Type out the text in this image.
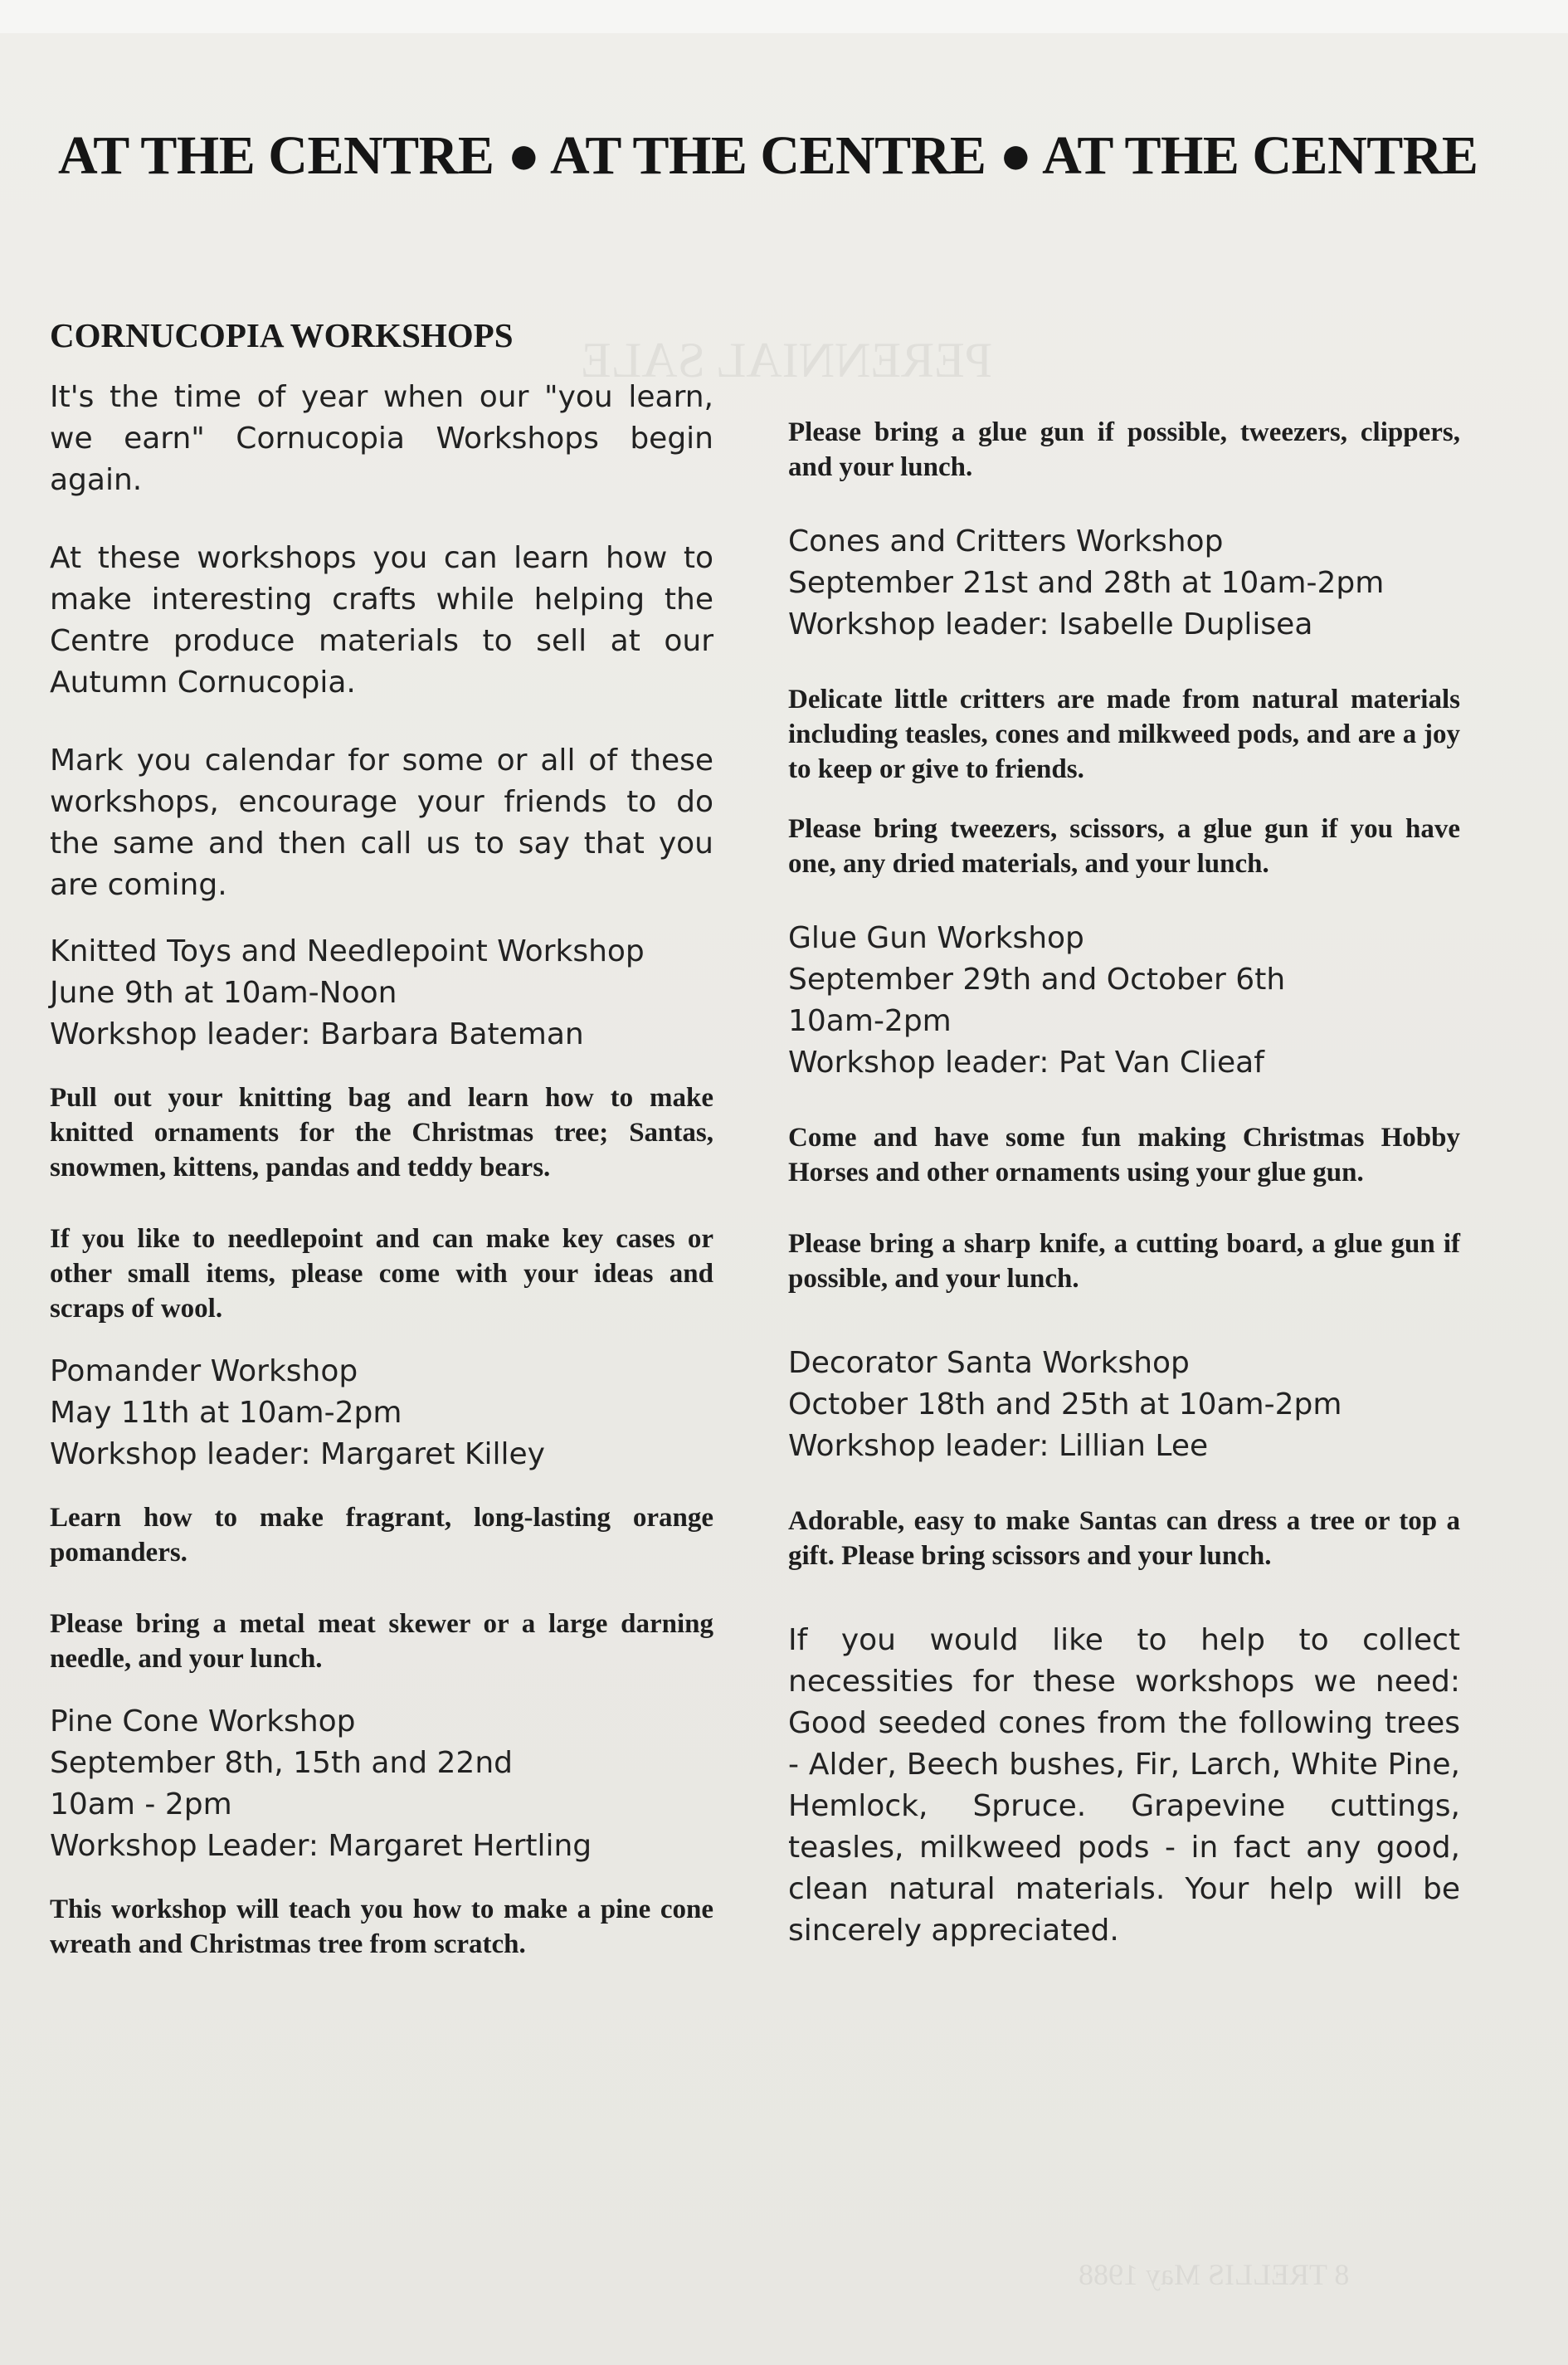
PERENNIAL SALE
8 TRELLIS May 1988
AT THE CENTRE ● AT THE CENTRE ● AT THE CENTRE
CORNUCOPIA WORKSHOPS

It's the time of year when our "you learn, we earn" Cornucopia Workshops begin again.

At these workshops you can learn how to make interesting crafts while helping the Centre produce materials to sell at our Autumn Cornucopia.

Mark you calendar for some or all of these workshops, encourage your friends to do the same and then call us to say that you are coming.

Knitted Toys and Needlepoint Workshop
June 9th at 10am-Noon
Workshop leader: Barbara Bateman

Pull out your knitting bag and learn how to make knitted ornaments for the Christmas tree; Santas, snowmen, kittens, pandas and teddy bears.

If you like to needlepoint and can make key cases or other small items, please come with your ideas and scraps of wool.

Pomander Workshop
May 11th at 10am-2pm
Workshop leader: Margaret Killey

Learn how to make fragrant, long-lasting orange pomanders.

Please bring a metal meat skewer or a large darning needle, and your lunch.

Pine Cone Workshop
September 8th, 15th and 22nd
10am - 2pm
Workshop Leader: Margaret Hertling

This workshop will teach you how to make a pine cone wreath and Christmas tree from scratch.

Please bring a glue gun if possible, tweezers, clippers, and your lunch.

Cones and Critters Workshop
September 21st and 28th at 10am-2pm
Workshop leader: Isabelle Duplisea

Delicate little critters are made from natural materials including teasles, cones and milkweed pods, and are a joy to keep or give to friends.

Please bring tweezers, scissors, a glue gun if you have one, any dried materials, and your lunch.

Glue Gun Workshop
September 29th and October 6th
10am-2pm
Workshop leader: Pat Van Clieaf

Come and have some fun making Christmas Hobby Horses and other ornaments using your glue gun.

Please bring a sharp knife, a cutting board, a glue gun if possible, and your lunch.

Decorator Santa Workshop
October 18th and 25th at 10am-2pm
Workshop leader: Lillian Lee

Adorable, easy to make Santas can dress a tree or top a gift. Please bring scissors and your lunch.

If you would like to help to collect necessities for these workshops we need: Good seeded cones from the following trees - Alder, Beech bushes, Fir, Larch, White Pine, Hemlock, Spruce. Grapevine cuttings, teasles, milkweed pods - in fact any good, clean natural materials. Your help will be sincerely appreciated.
